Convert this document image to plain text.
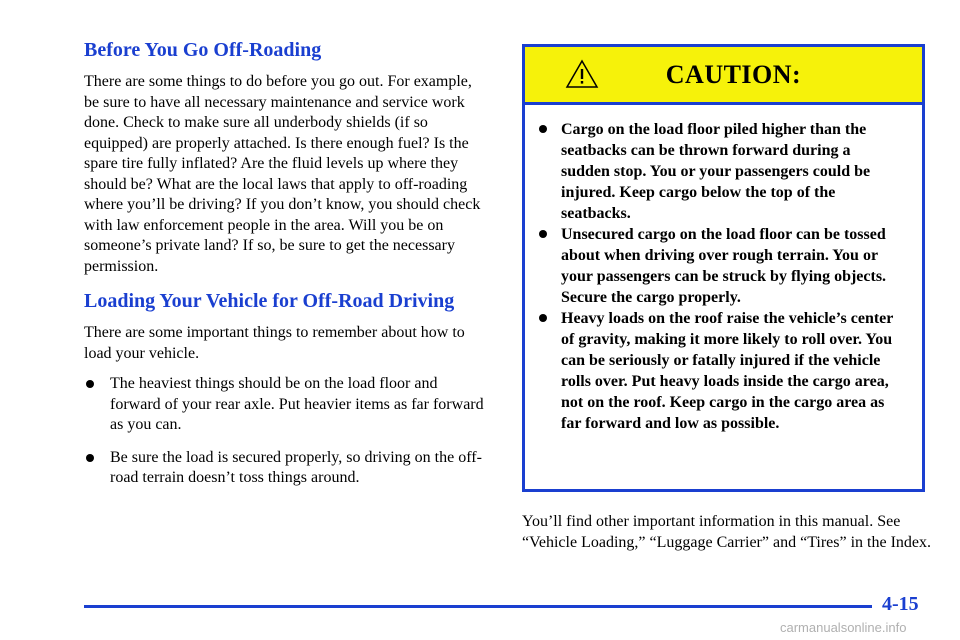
Before You Go Off-Roading

There are some things to do before you go out. For example, be sure to have all necessary maintenance and service work done. Check to make sure all underbody shields (if so equipped) are properly attached. Is there enough fuel? Is the spare tire fully inflated? Are the fluid levels up where they should be? What are the local laws that apply to off-roading where you’ll be driving? If you don’t know, you should check with law enforcement people in the area. Will you be on someone’s private land? If so, be sure to get the necessary permission.

Loading Your Vehicle for Off-Road Driving

There are some important things to remember about how to load your vehicle.

The heaviest things should be on the load floor and forward of your rear axle. Put heavier items as far forward as you can.
Be sure the load is secured properly, so driving on the off-road terrain doesn’t toss things around.
CAUTION:
Cargo on the load floor piled higher than the seatbacks can be thrown forward during a sudden stop. You or your passengers could be injured. Keep cargo below the top of the seatbacks.
Unsecured cargo on the load floor can be tossed about when driving over rough terrain. You or your passengers can be struck by flying objects. Secure the cargo properly.
Heavy loads on the roof raise the vehicle’s center of gravity, making it more likely to roll over. You can be seriously or fatally injured if the vehicle rolls over. Put heavy loads inside the cargo area, not on the roof. Keep cargo in the cargo area as far forward and low as possible.

You’ll find other important information in this manual. See “Vehicle Loading,” “Luggage Carrier” and “Tires” in the Index.

4-15
carmanualsonline.info
